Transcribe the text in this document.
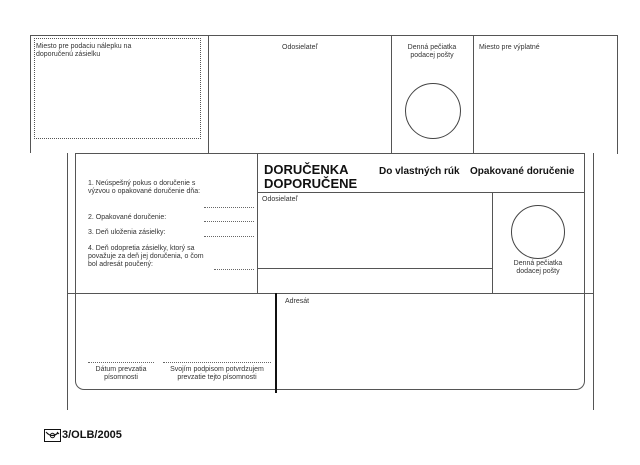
Miesto pre podaciu nálepku na doporučenú zásielku
Odosielateľ	Denná pečiatka podacej pošty
Miesto pre výplatné
1. Neúspešný pokus o doručenie s výzvou o opakované doručenie dňa:
2. Opakované doručenie:
3. Deň uloženia zásielky:
4. Deň odopretia zásielky, ktorý sa považuje za deň jej doručenia, o čom bol adresát poučený:
DORUČENKA
DOPORUČENE
Do vlastných rúk Opakované doručenie
Odosielateľ
Denná pečiatka dodacej pošty
Adresát
Dátum prevzatia písomnosti
Svojím podpisom potvrdzujem prevzatie tejto písomnosti
3/OLB/2005
